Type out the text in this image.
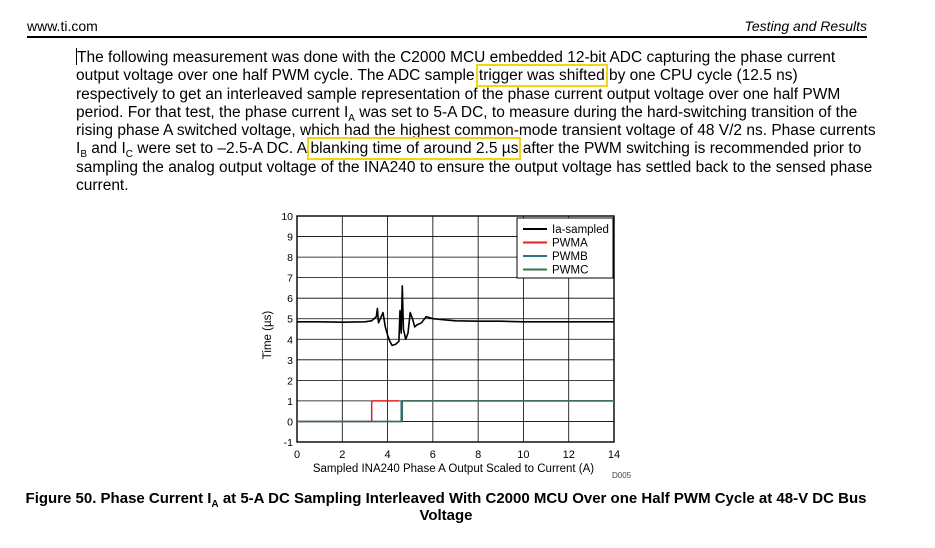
www.ti.com	Testing and Results
The following measurement was done with the C2000 MCU embedded 12-bit ADC capturing the phase current output voltage over one half PWM cycle. The ADC sample trigger was shifted by one CPU cycle (12.5 ns) respectively to get an interleaved sample representation of the phase current output voltage over one half PWM period. For that test, the phase current $I_A$ was set to 5-A DC, to measure during the hard-switching transition of the rising phase A switched voltage, which had the highest common-mode transient voltage of 48 V/2 ns. Phase currents $I_B$ and $I_C$ were set to –2.5-A DC. A blanking time of around 2.5 µs after the PWM switching is recommended prior to sampling the analog output voltage of the INA240 to ensure the output voltage has settled back to the sensed phase current.
0	2	4	6	8	10	12	14
-1
0
1
2
3
4
5
6
7
8
9
10
Ia-sampled
PWMA
PWMB
PWMC
Sampled INA240 Phase A Output Scaled to Current (A)
Time (µs)
D005
Figure 50. Phase Current $I_A$ at 5-A DC Sampling Interleaved With C2000 MCU Over one Half PWM Cycle at 48-V DC Bus Voltage
